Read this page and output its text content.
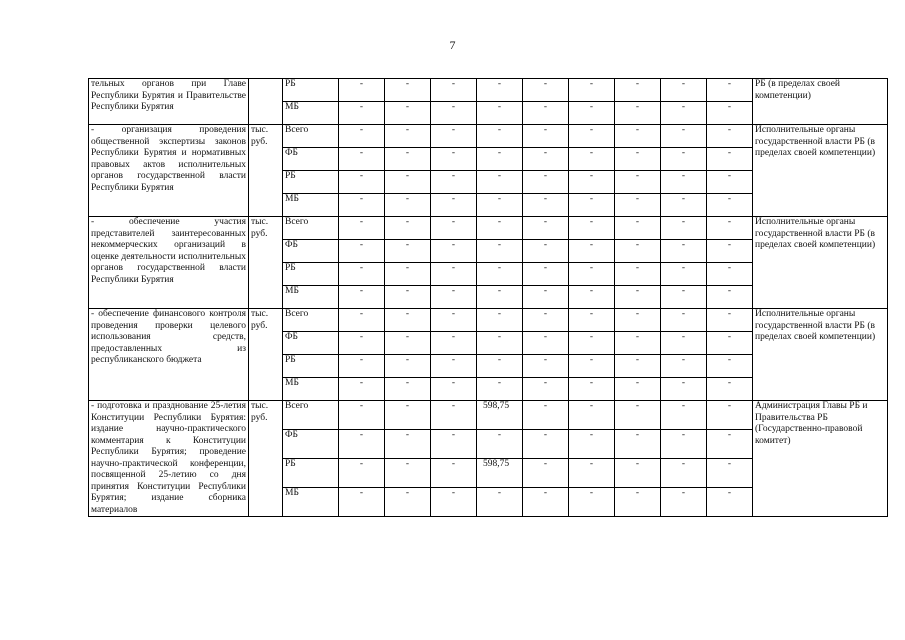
7
тельных органов при Главе Республики Бурятия и Правительстве Республики Бурятия		РБ	-	-	-	-	-	-	-	-	-	РБ (в пределах своей компетенции)
		МБ	-	-	-	-	-	-	-	-	-	
- организация проведения общественной экспертизы законов Республики Бурятия и нормативных правовых актов исполнительных органов государственной власти Республики Бурятия	тыс. руб.	Всего	-	-	-	-	-	-	-	-	-	Исполнительные органы государственной власти РБ (в пределах своей компетенции)
		ФБ	-	-	-	-	-	-	-	-	-	
		РБ	-	-	-	-	-	-	-	-	-	
		МБ	-	-	-	-	-	-	-	-	-	
- обеспечение участия представителей заинтересованных некоммерческих организаций в оценке деятельности исполнительных органов государственной власти Республики Бурятия	тыс. руб.	Всего	-	-	-	-	-	-	-	-	-	Исполнительные органы государственной власти РБ (в пределах своей компетенции)
		ФБ	-	-	-	-	-	-	-	-	-	
		РБ	-	-	-	-	-	-	-	-	-	
		МБ	-	-	-	-	-	-	-	-	-	
- обеспечение финансового контроля проведения проверки целевого использования средств, предоставленных из республиканского бюджета	тыс. руб.	Всего	-	-	-	-	-	-	-	-	-	Исполнительные органы государственной власти РБ (в пределах своей компетенции)
		ФБ	-	-	-	-	-	-	-	-	-	
		РБ	-	-	-	-	-	-	-	-	-	
		МБ	-	-	-	-	-	-	-	-	-	
- подготовка и празднование 25-летия Конституции Республики Бурятия: издание научно-практического комментария к Конституции Республики Бурятия; проведение научно-практической конференции, посвященной 25-летию со дня принятия Конституции Республики Бурятия; издание сборника материалов	тыс. руб.	Всего	-	-	-	598,75	-	-	-	-	-	Администрация Главы РБ и Правительства РБ (Государственно-правовой комитет)
		ФБ	-	-	-	-	-	-	-	-	-	
		РБ	-	-	-	598,75	-	-	-	-	-	
		МБ	-	-	-	-	-	-	-	-	-	
